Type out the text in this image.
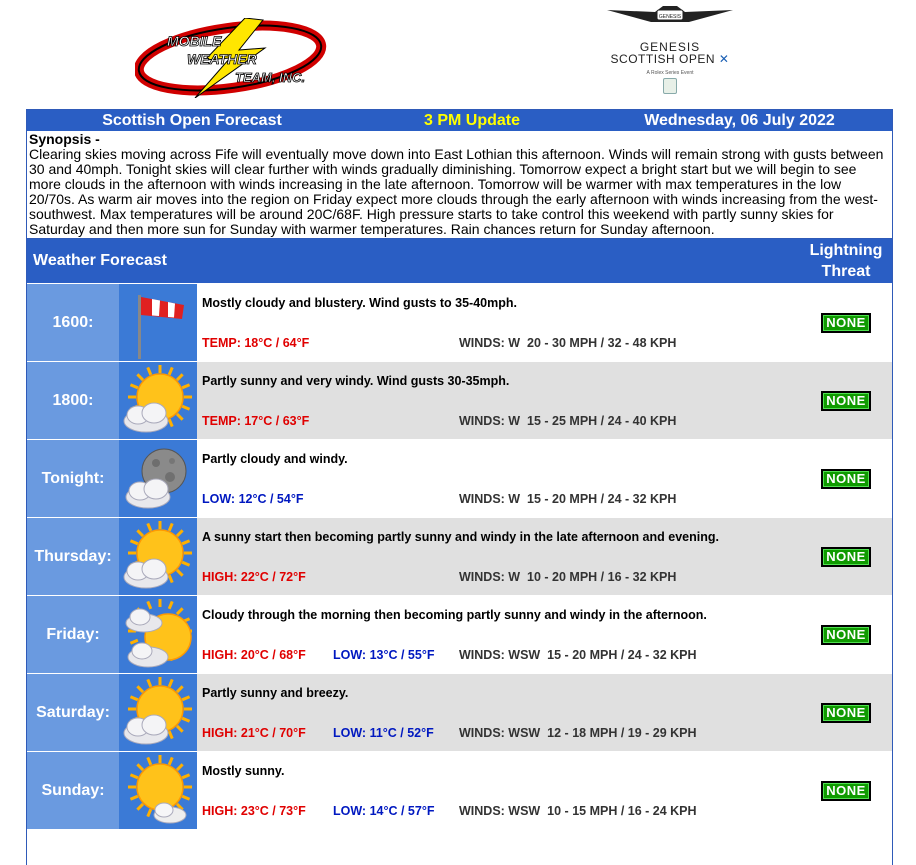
MOBILE
WEATHER
TEAM, INC.
GENESIS
GENESIS
SCOTTISH OPEN ✕
A Rolex Series Event
Scottish Open Forecast	3 PM Update	Wednesday, 06 July 2022
Synopsis -
Clearing skies moving across Fife will eventually move down into East Lothian this afternoon. Winds will remain strong with gusts between 30 and 40mph. Tonight skies will clear further with winds gradually diminishing. Tomorrow expect a bright start but we will begin to see more clouds in the afternoon with winds increasing in the late afternoon. Tomorrow will be warmer with max temperatures in the low 20/70s. As warm air moves into the region on Friday expect more clouds through the early afternoon with winds increasing from the west-southwest. Max temperatures will be around 20C/68F. High pressure starts to take control this weekend with partly sunny skies for Saturday and then more sun for Sunday with warmer temperatures. Rain chances return for Sunday afternoon.
Weather Forecast
Lightning
Threat
1600:
Mostly cloudy and blustery. Wind gusts to 35-40mph.
TEMP: 18°C / 64°F	WINDS: W  20 - 30 MPH / 32 - 48 KPH
NONE
1800:
Partly sunny and very windy. Wind gusts 30-35mph.
TEMP: 17°C / 63°F	WINDS: W  15 - 25 MPH / 24 - 40 KPH
NONE
Tonight:
Partly cloudy and windy.
LOW: 12°C / 54°F	WINDS: W  15 - 20 MPH / 24 - 32 KPH
NONE
Thursday:
A sunny start then becoming partly sunny and windy in the late afternoon and evening.
HIGH: 22°C / 72°F	WINDS: W  10 - 20 MPH / 16 - 32 KPH
NONE
Friday:
Cloudy through the morning then becoming partly sunny and windy in the afternoon.
HIGH: 20°C / 68°F LOW: 13°C / 55°F WINDS: WSW  15 - 20 MPH / 24 - 32 KPH
NONE
Saturday:
Partly sunny and breezy.
HIGH: 21°C / 70°F LOW: 11°C / 52°F WINDS: WSW  12 - 18 MPH / 19 - 29 KPH
NONE
Sunday:
Mostly sunny.
HIGH: 23°C / 73°F LOW: 14°C / 57°F WINDS: WSW  10 - 15 MPH / 16 - 24 KPH
NONE
